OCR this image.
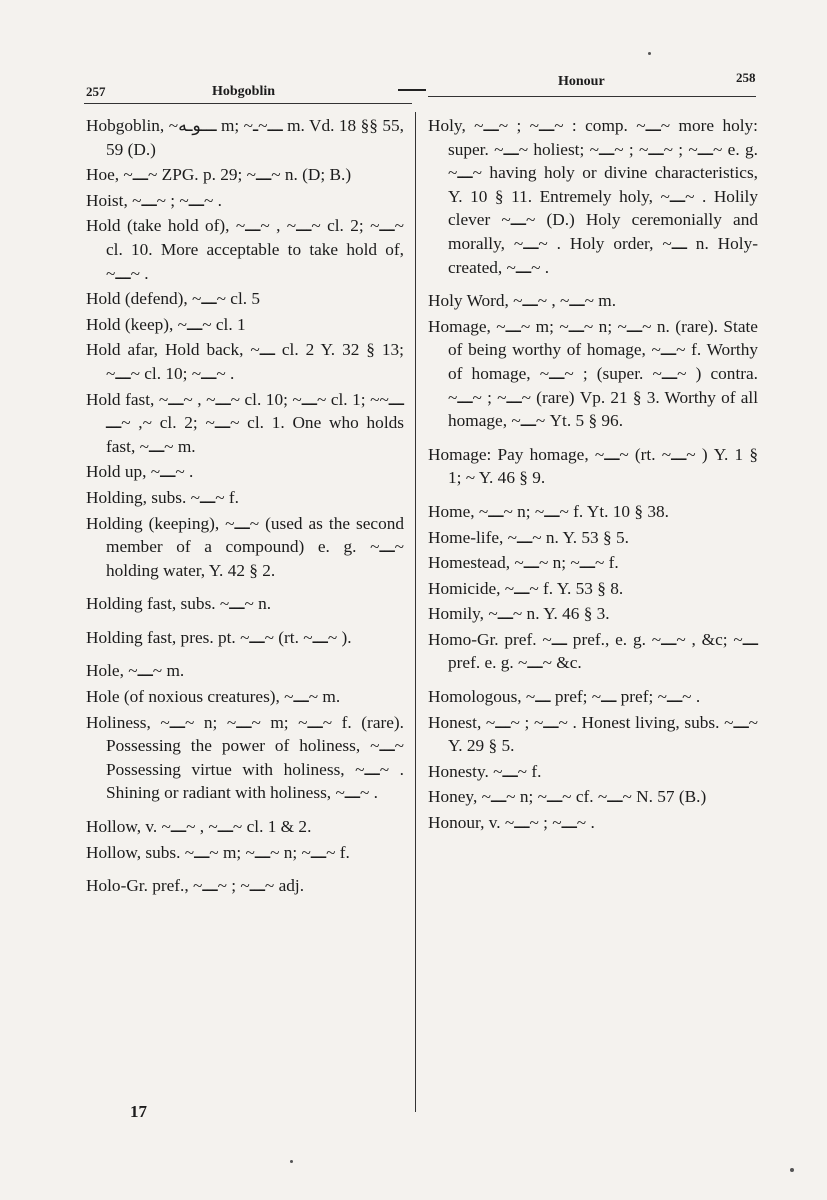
257	Hobgoblin
Honour	258
Hobgoblin, ~ـــوـه m; ~ـــ~ـ m. Vd. 18 §§ 55, 59 (D.)
Hoe, ~ـــ~ ZPG. p. 29; ~ـــ~ n. (D; B.)
Hoist, ~ـــ~ ; ~ـــ~ .
Hold (take hold of), ~ـــ~ , ~ـــ~ cl. 2; ~ـــ~ cl. 10. More acceptable to take hold of, ~ـــ~ .
Hold (defend), ~ـــ~ cl. 5
Hold (keep), ~ـــ~ cl. 1
Hold afar, Hold back, ~ـــ cl. 2 Y. 32 § 13; ~ـــ~ cl. 10; ~ـــ~ .
Hold fast, ~ـــ~ , ~ـــ~ cl. 10; ~ـــ~ cl. 1; ~ـــ~ , ~ـــ~ cl. 2; ~ـــ~ cl. 1. One who holds fast, ~ـــ~ m.
Hold up, ~ـــ~ .
Holding, subs. ~ـــ~ f.
Holding (keeping), ~ـــ~ (used as the second member of a compound) e. g. ~ـــ~ holding water, Y. 42 § 2.
Holding fast, subs. ~ـــ~ n.
Holding fast, pres. pt. ~ـــ~ (rt. ~ـــ~ ).
Hole, ~ـــ~ m.
Hole (of noxious creatures), ~ـــ~ m.
Holiness, ~ـــ~ n; ~ـــ~ m; ~ـــ~ f. (rare). Possessing the power of holiness, ~ـــ~ Possessing virtue with holiness, ~ـــ~ . Shining or radiant with holiness, ~ـــ~ .
Hollow, v. ~ـــ~ , ~ـــ~ cl. 1 & 2.
Hollow, subs. ~ـــ~ m; ~ـــ~ n; ~ـــ~ f.
Holo-Gr. pref., ~ـــ~ ; ~ـــ~ adj.
Holy, ~ـــ~ ; ~ـــ~ : comp. ~ـــ~ more holy: super. ~ـــ~ holiest; ~ـــ~ ; ~ـــ~ ; ~ـــ~ e. g. ~ـــ~ having holy or divine characteristics, Y. 10 § 11. Entremely holy, ~ـــ~ . Holily clever ~ـــ~ (D.) Holy ceremonially and morally, ~ـــ~ . Holy order, ~ـــ n. Holy-created, ~ـــ~ .
Holy Word, ~ـــ~ , ~ـــ~ m.
Homage, ~ـــ~ m; ~ـــ~ n; ~ـــ~ n. (rare). State of being worthy of homage, ~ـــ~ f. Worthy of homage, ~ـــ~ ; (super. ~ـــ~ ) contra. ~ـــ~ ; ~ـــ~ (rare) Vp. 21 § 3. Worthy of all homage, ~ـــ~ Yt. 5 § 96.
Homage: Pay homage, ~ـــ~ (rt. ~ـــ~ ) Y. 1 § 1; ~ Y. 46 § 9.
Home, ~ـــ~ n; ~ـــ~ f. Yt. 10 § 38.
Home-life, ~ـــ~ n. Y. 53 § 5.
Homestead, ~ـــ~ n; ~ـــ~ f.
Homicide, ~ـــ~ f. Y. 53 § 8.
Homily, ~ـــ~ n. Y. 46 § 3.
Homo-Gr. pref. ~ـــ pref., e. g. ~ـــ~ , &c; ~ـــ pref. e. g. ~ـــ~ &c.
Homologous, ~ـــ pref; ~ـــ pref; ~ـــ~ .
Honest, ~ـــ~ ; ~ـــ~ . Honest living, subs. ~ـــ~ Y. 29 § 5.
Honesty. ~ـــ~ f.
Honey, ~ـــ~ n; ~ـــ~ cf. ~ـــ~ N. 57 (B.)
Honour, v. ~ـــ~ ; ~ـــ~ .
17
